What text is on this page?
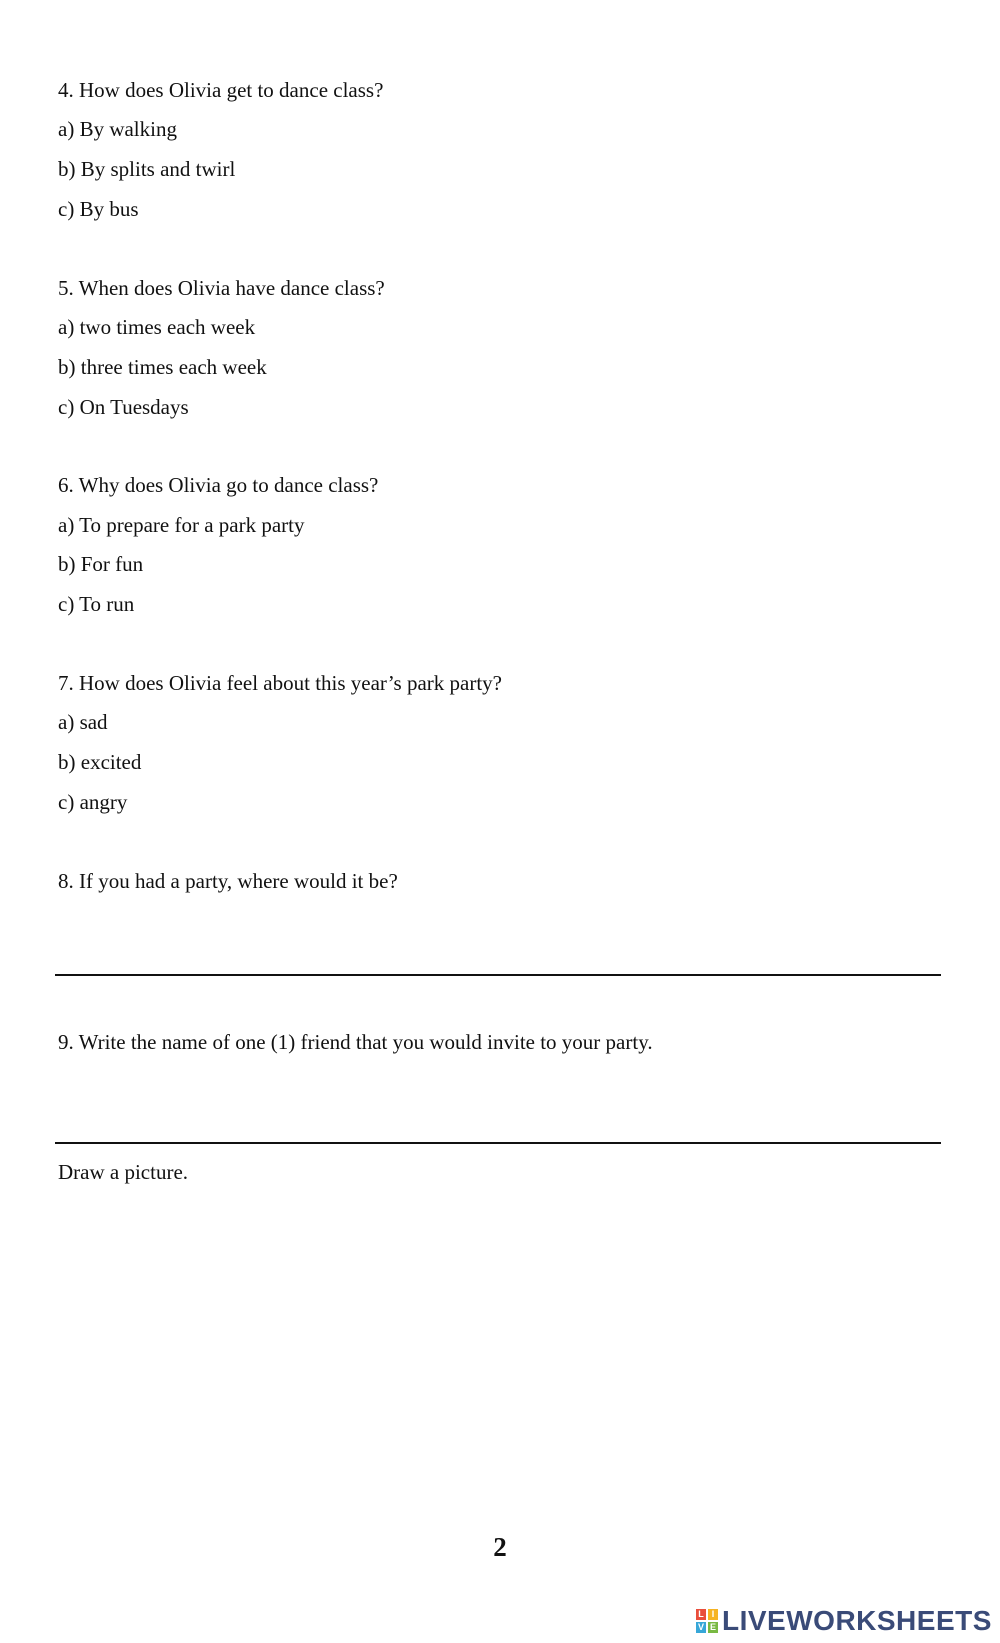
4. How does Olivia get to dance class?
a) By walking
b) By splits and twirl
c) By bus
5. When does Olivia have dance class?
a) two times each week
b) three times each week
c) On Tuesdays
6. Why does Olivia go to dance class?
a) To prepare for a park party
b) For fun
c) To run
7. How does Olivia feel about this year’s park party?
a) sad
b) excited
c) angry
8. If you had a party, where would it be?
9. Write the name of one (1) friend that you would invite to your party.
Draw a picture.
2
L I
V E LIVEWORKSHEETS
